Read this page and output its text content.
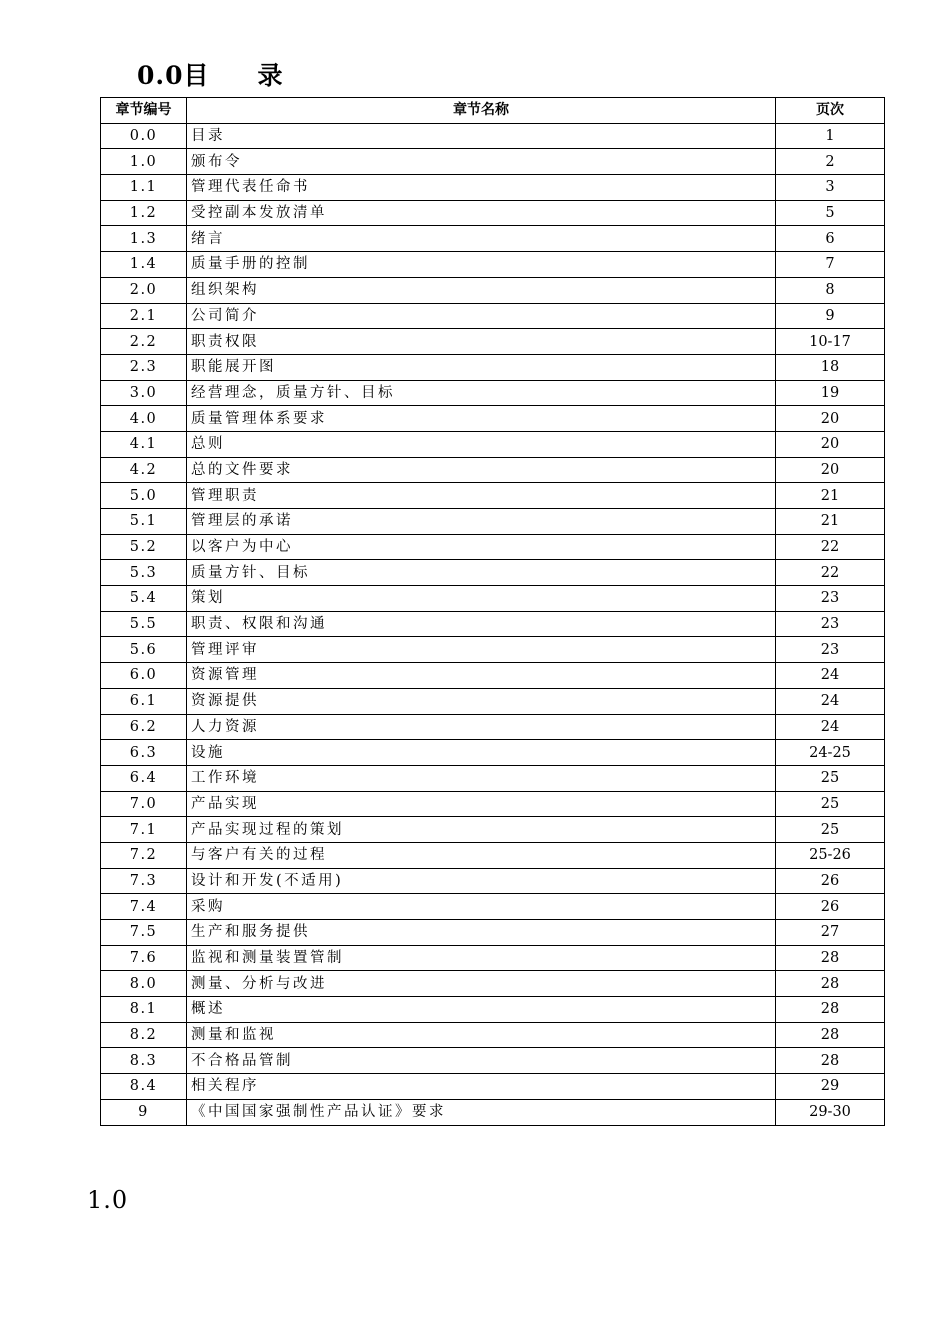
0.0目 录
章节编号	章节名称	页次
0.0	目录	1
1.0	颁布令	2
1.1	管理代表任命书	3
1.2	受控副本发放清单	5
1.3	绪言	6
1.4	质量手册的控制	7
2.0	组织架构	8
2.1	公司简介	9
2.2	职责权限	10-17
2.3	职能展开图	18
3.0	经营理念，质量方针、目标	19
4.0	质量管理体系要求	20
4.1	总则	20
4.2	总的文件要求	20
5.0	管理职责	21
5.1	管理层的承诺	21
5.2	以客户为中心	22
5.3	质量方针、目标	22
5.4	策划	23
5.5	职责、权限和沟通	23
5.6	管理评审	23
6.0	资源管理	24
6.1	资源提供	24
6.2	人力资源	24
6.3	设施	24-25
6.4	工作环境	25
7.0	产品实现	25
7.1	产品实现过程的策划	25
7.2	与客户有关的过程	25-26
7.3	设计和开发(不适用)	26
7.4	采购	26
7.5	生产和服务提供	27
7.6	监视和测量装置管制	28
8.0	测量、分析与改进	28
8.1	概述	28
8.2	测量和监视	28
8.3	不合格品管制	28
8.4	相关程序	29
9	《中国国家强制性产品认证》要求	29-30
1.0
